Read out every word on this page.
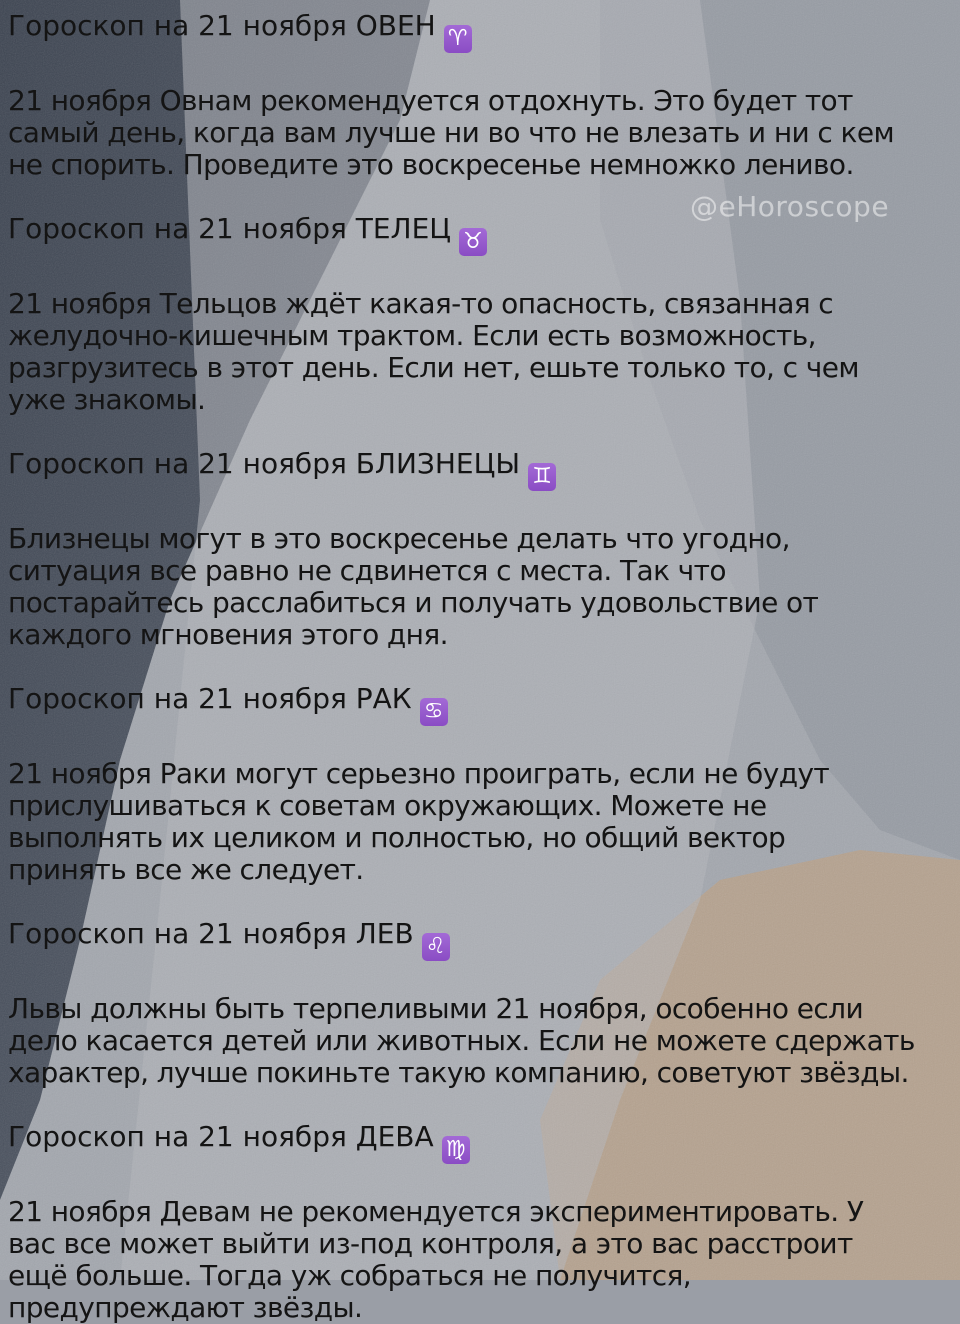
@eHoroscope
Гороскоп на 21 ноября ОВЕН ♈
21 ноября Овнам рекомендуется отдохнуть. Это будет тот
самый день, когда вам лучше ни во что не влезать и ни с кем
не спорить. Проведите это воскресенье немножко лениво.
Гороскоп на 21 ноября ТЕЛЕЦ ♉
21 ноября Тельцов ждёт какая-то опасность, связанная с
желудочно-кишечным трактом. Если есть возможность,
разгрузитесь в этот день. Если нет, ешьте только то, с чем
уже знакомы.
Гороскоп на 21 ноября БЛИЗНЕЦЫ ♊
Близнецы могут в это воскресенье делать что угодно,
ситуация все равно не сдвинется с места. Так что
постарайтесь расслабиться и получать удовольствие от
каждого мгновения этого дня.
Гороскоп на 21 ноября РАК ♋
21 ноября Раки могут серьезно проиграть, если не будут
прислушиваться к советам окружающих. Можете не
выполнять их целиком и полностью, но общий вектор
принять все же следует.
Гороскоп на 21 ноября ЛЕВ ♌
Львы должны быть терпеливыми 21 ноября, особенно если
дело касается детей или животных. Если не можете сдержать
характер, лучше покиньте такую компанию, советуют звёзды.
Гороскоп на 21 ноября ДЕВА ♍
21 ноября Девам не рекомендуется экспериментировать. У
вас все может выйти из-под контроля, а это вас расстроит
ещё больше. Тогда уж собраться не получится,
предупреждают звёзды.
